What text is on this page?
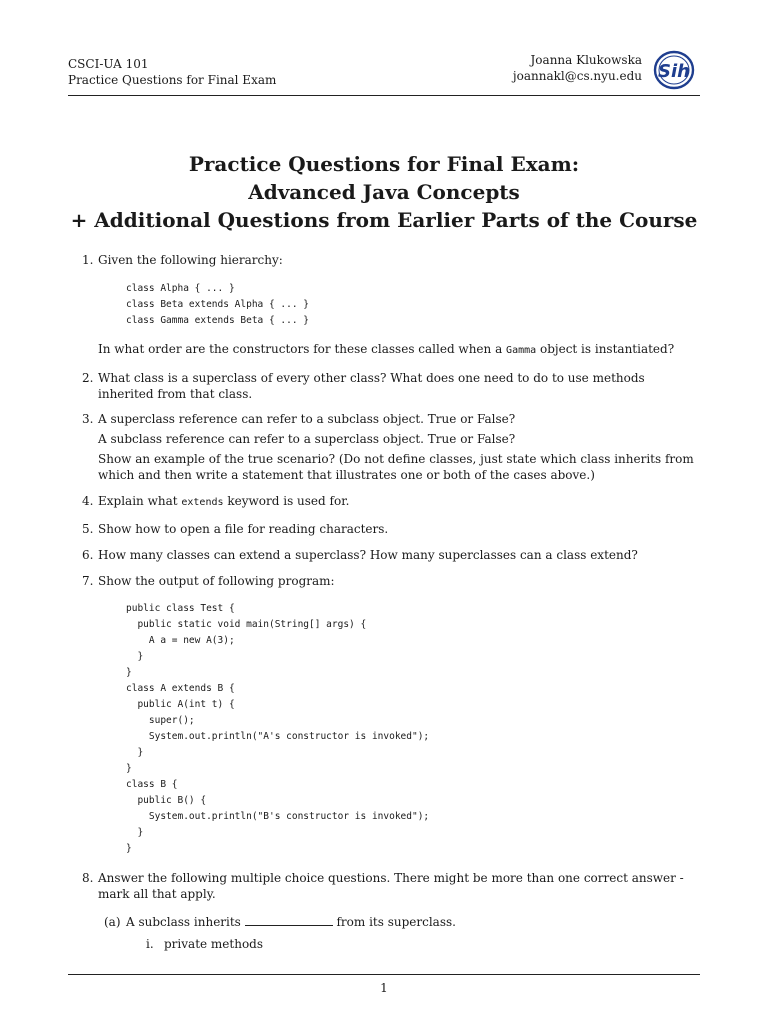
CSCI-UA 101
Practice Questions for Final Exam
Joanna Klukowska
joannakl@cs.nyu.edu Sih
Practice Questions for Final Exam:
Advanced Java Concepts
+ Additional Questions from Earlier Parts of the Course
1. Given the following hierarchy:

class Alpha { ... }
class Beta extends Alpha { ... }
class Gamma extends Beta { ... }

In what order are the constructors for these classes called when a Gamma object is instantiated?

2. What class is a superclass of every other class? What does one need to do to use methods inherited from that class.

3. A superclass reference can refer to a subclass object. True or False?

A subclass reference can refer to a superclass object. True or False?

Show an example of the true scenario? (Do not define classes, just state which class inherits from which and then write a statement that illustrates one or both of the cases above.)

4. Explain what extends keyword is used for.

5. Show how to open a file for reading characters.

6. How many classes can extend a superclass? How many superclasses can a class extend?

7. Show the output of following program:

public class Test {
public static void main(String[] args) {
A a = new A(3);
}
}
class A extends B {
public A(int t) {
super();
System.out.println("A's constructor is invoked");
}
}
class B {
public B() {
System.out.println("B's constructor is invoked");
}
}
8. Answer the following multiple choice questions. There might be more than one correct answer - mark all that apply.

(a) A subclass inherits	from its superclass.

i. private methods
1
